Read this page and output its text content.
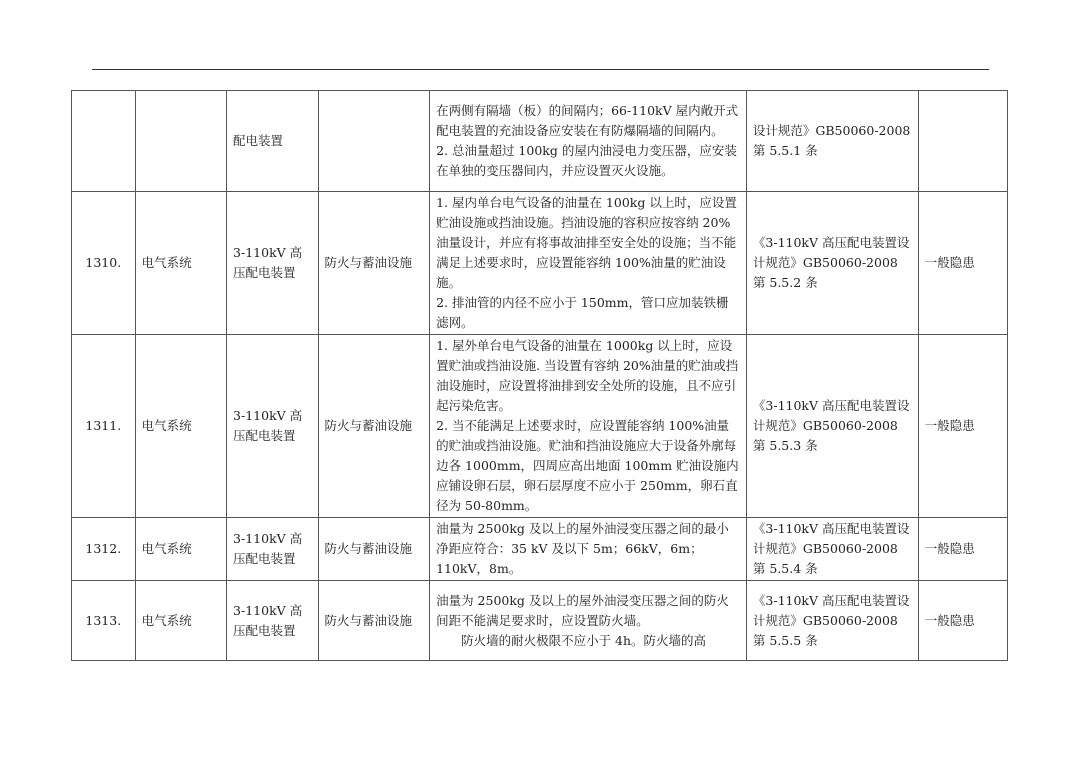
		配电装置		在两侧有隔墙（板）的间隔内；66-110kV 屋内敞开式配电装置的充油设备应安装在有防爆隔墙的间隔内。
2. 总油量超过 100kg 的屋内油浸电力变压器，应安装在单独的变压器间内，并应设置灭火设施。	设计规范》GB50060-2008 第 5.5.1 条	
1310.	电气系统	3-110kV 高压配电装置	防火与蓄油设施	1. 屋内单台电气设备的油量在 100kg 以上时，应设置贮油设施或挡油设施。挡油设施的容积应按容纳 20%油量设计，并应有将事故油排至安全处的设施；当不能满足上述要求时，应设置能容纳 100%油量的贮油设施。
2. 排油管的内径不应小于 150mm，管口应加装铁栅滤网。	《3-110kV 高压配电装置设计规范》GB50060-2008 第 5.5.2 条	一般隐患
1311.	电气系统	3-110kV 高压配电装置	防火与蓄油设施	1. 屋外单台电气设备的油量在 1000kg 以上时，应设置贮油或挡油设施. 当设置有容纳 20%油量的贮油或挡油设施时，应设置将油排到安全处所的设施，且不应引起污染危害。
2. 当不能满足上述要求时，应设置能容纳 100%油量的贮油或挡油设施。贮油和挡油设施应大于设备外廓每边各 1000mm，四周应高出地面 100mm 贮油设施内应铺设卵石层，卵石层厚度不应小于 250mm，卵石直径为 50-80mm。	《3-110kV 高压配电装置设计规范》GB50060-2008 第 5.5.3 条	一般隐患
1312.	电气系统	3-110kV 高压配电装置	防火与蓄油设施	油量为 2500kg 及以上的屋外油浸变压器之间的最小净距应符合：35 kV 及以下 5m；66kV，6m；110kV，8m。	《3-110kV 高压配电装置设计规范》GB50060-2008 第 5.5.4 条	一般隐患
1313.	电气系统	3-110kV 高压配电装置	防火与蓄油设施	油量为 2500kg 及以上的屋外油浸变压器之间的防火间距不能满足要求时，应设置防火墙。
防火墙的耐火极限不应小于 4h。防火墙的高	《3-110kV 高压配电装置设计规范》GB50060-2008 第 5.5.5 条	一般隐患
